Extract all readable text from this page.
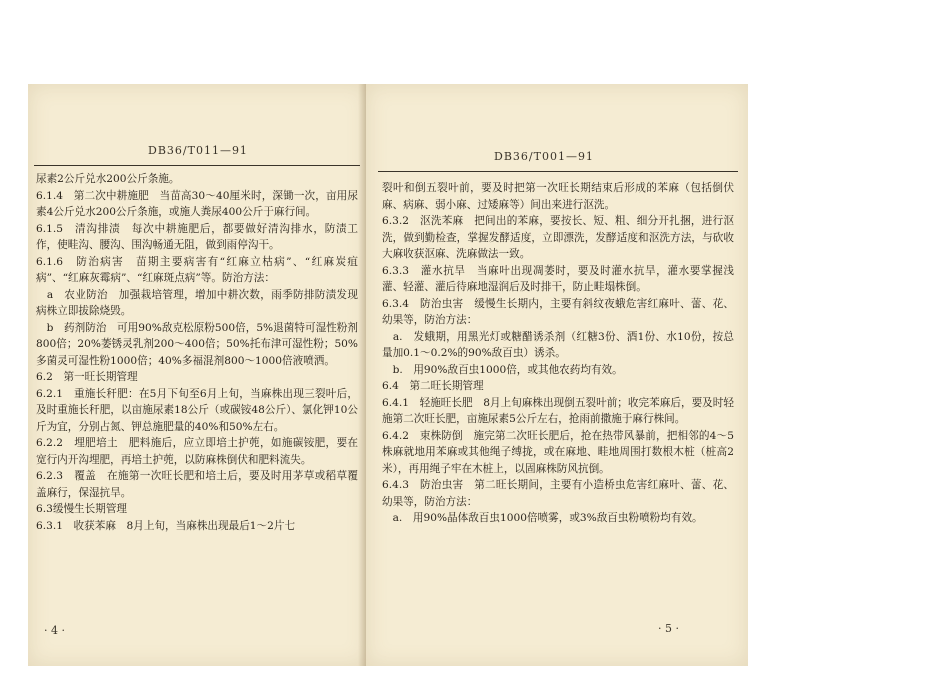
DB36/T011—91

尿素2公斤兑水200公斤条施。

6.1.4　第二次中耕施肥　当苗高30～40厘米时，深锄一次，亩用尿素4公斤兑水200公斤条施，或施人粪尿400公斤于麻行间。

6.1.5　清沟排渍　每次中耕施肥后，都要做好清沟排水，防渍工作，使畦沟、腰沟、围沟畅通无阻，做到雨停沟干。

6.1.6　防治病害　苗期主要病害有“红麻立枯病”、“红麻炭疽病”、“红麻灰霉病”、“红麻斑点病”等。防治方法：

　a　农业防治　加强栽培管理，增加中耕次数，雨季防排防渍发现病株立即拔除烧毁。

　b　药剂防治　可用90%敌克松原粉500倍，5%退菌特可湿性粉剂800倍；20%萎锈灵乳剂200～400倍；50%托布津可湿性粉；50%多菌灵可湿性粉1000倍；40%多福混剂800～1000倍液喷洒。

6.2　第一旺长期管理

6.2.1　重施长秆肥：在5月下旬至6月上旬，当麻株出现三裂叶后，及时重施长秆肥，以亩施尿素18公斤（或碳铵48公斤）、氯化钾10公斤为宜，分别占氮、钾总施肥量的40%和50%左右。

6.2.2　埋肥培土　肥料施后，应立即培土护蔸，如施碳铵肥，要在宽行内开沟埋肥，再培土护蔸，以防麻株倒伏和肥料流失。

6.2.3　覆盖　在施第一次旺长肥和培土后，要及时用茅草或稻草覆盖麻行，保湿抗旱。

6.3缓慢生长期管理

6.3.1　收获苯麻　8月上旬，当麻株出现最后1～2片七

· 4 ·
DB36/T001—91

裂叶和倒五裂叶前，要及时把第一次旺长期结束后形成的苯麻（包括倒伏麻、病麻、弱小麻、过矮麻等）间出来进行沤洗。

6.3.2　沤洗苯麻　把间出的苯麻，要按长、短、粗、细分开扎捆，进行沤洗，做到勤检查，掌握发酵适度，立即漂洗，发酵适度和沤洗方法，与砍收大麻收获沤麻、洗麻做法一致。

6.3.3　灌水抗旱　当麻叶出现凋萎时，要及时灌水抗旱，灌水要掌握浅灌、轻灌、灌后待麻地湿润后及时排干，防止畦塌株倒。

6.3.4　防治虫害　缓慢生长期内，主要有斜纹夜蛾危害红麻叶、蕾、花、幼果等，防治方法：

　a.　发蛾期，用黑光灯或糖醋诱杀剂（红糖3份、酒1份、水10份，按总量加0.1～0.2%的90%敌百虫）诱杀。

　b.　用90%敌百虫1000倍，或其他农药均有效。

6.4　第二旺长期管理

6.4.1　轻施旺长肥　8月上旬麻株出现倒五裂叶前；收完苯麻后，要及时轻施第二次旺长肥，亩施尿素5公斤左右，抢雨前撒施于麻行株间。

6.4.2　束株防倒　施完第二次旺长肥后，抢在热带风暴前，把相邻的4～5株麻就地用苯麻或其他绳子缚拢，或在麻地、畦地周围打数根木桩（桩高2米），再用绳子牢在木桩上，以固麻株防风抗倒。

6.4.3　防治虫害　第二旺长期间，主要有小造桥虫危害红麻叶、蕾、花、幼果等，防治方法：

　a.　用90%晶体敌百虫1000倍喷雾，或3%敌百虫粉喷粉均有效。

· 5 ·
